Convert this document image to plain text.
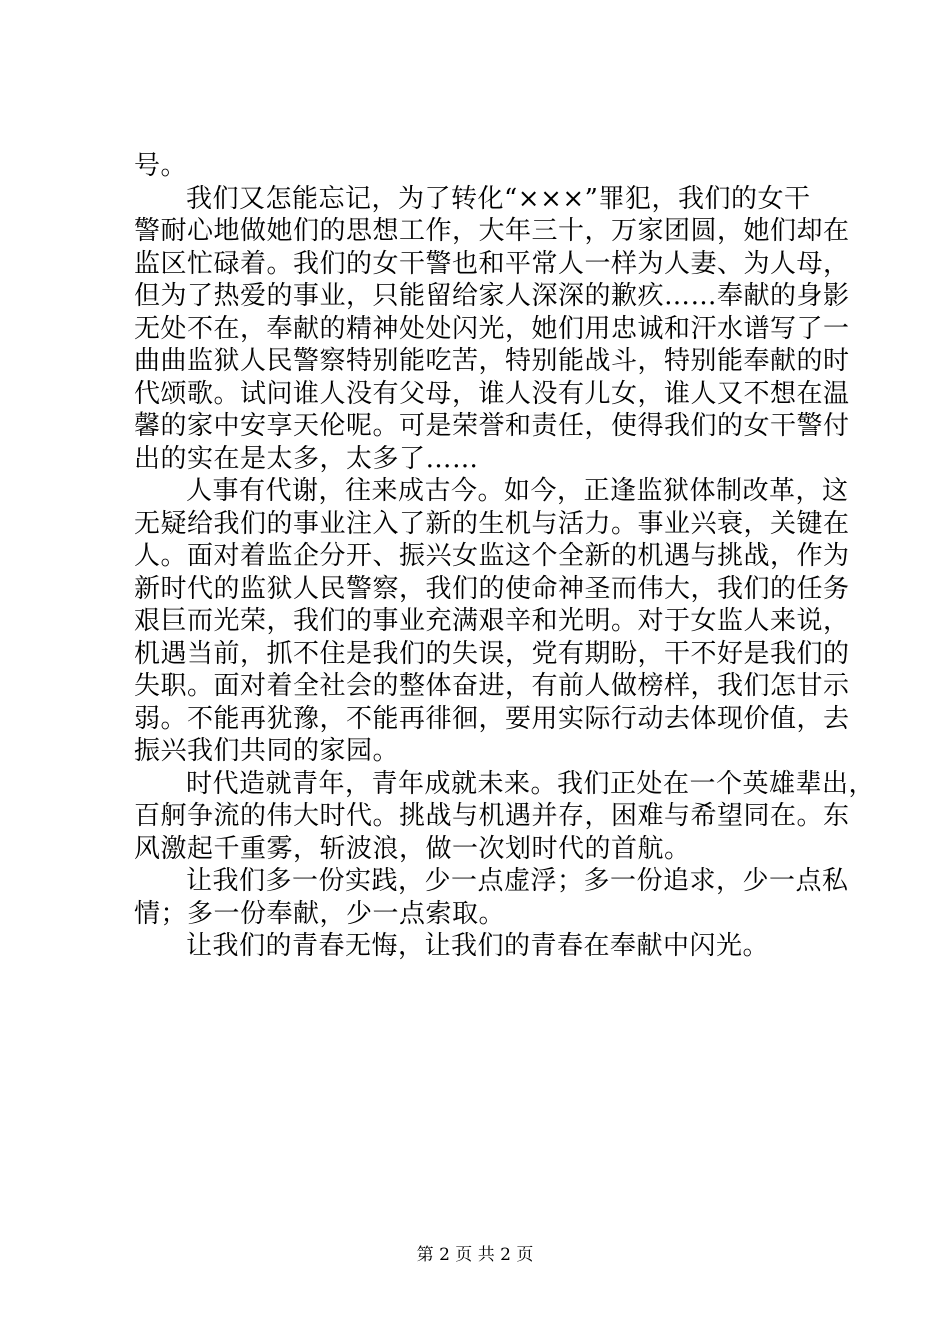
号。
我们又怎能忘记，为了转化“×××”罪犯，我们的女干
警耐心地做她们的思想工作，大年三十，万家团圆，她们却在
监区忙碌着。我们的女干警也和平常人一样为人妻、为人母，
但为了热爱的事业，只能留给家人深深的歉疚……奉献的身影
无处不在，奉献的精神处处闪光，她们用忠诚和汗水谱写了一
曲曲监狱人民警察特别能吃苦，特别能战斗，特别能奉献的时
代颂歌。试问谁人没有父母，谁人没有儿女，谁人又不想在温
馨的家中安享天伦呢。可是荣誉和责任，使得我们的女干警付
出的实在是太多，太多了……
人事有代谢，往来成古今。如今，正逢监狱体制改革，这
无疑给我们的事业注入了新的生机与活力。事业兴衰，关键在
人。面对着监企分开、振兴女监这个全新的机遇与挑战，作为
新时代的监狱人民警察，我们的使命神圣而伟大，我们的任务
艰巨而光荣，我们的事业充满艰辛和光明。对于女监人来说，
机遇当前，抓不住是我们的失误，党有期盼，干不好是我们的
失职。面对着全社会的整体奋进，有前人做榜样，我们怎甘示
弱。不能再犹豫，不能再徘徊，要用实际行动去体现价值，去
振兴我们共同的家园。
时代造就青年，青年成就未来。我们正处在一个英雄辈出，
百舸争流的伟大时代。挑战与机遇并存，困难与希望同在。东
风激起千重雾，斩波浪，做一次划时代的首航。
让我们多一份实践，少一点虚浮；多一份追求，少一点私
情；多一份奉献，少一点索取。
让我们的青春无悔，让我们的青春在奉献中闪光。
第 2 页 共 2 页
